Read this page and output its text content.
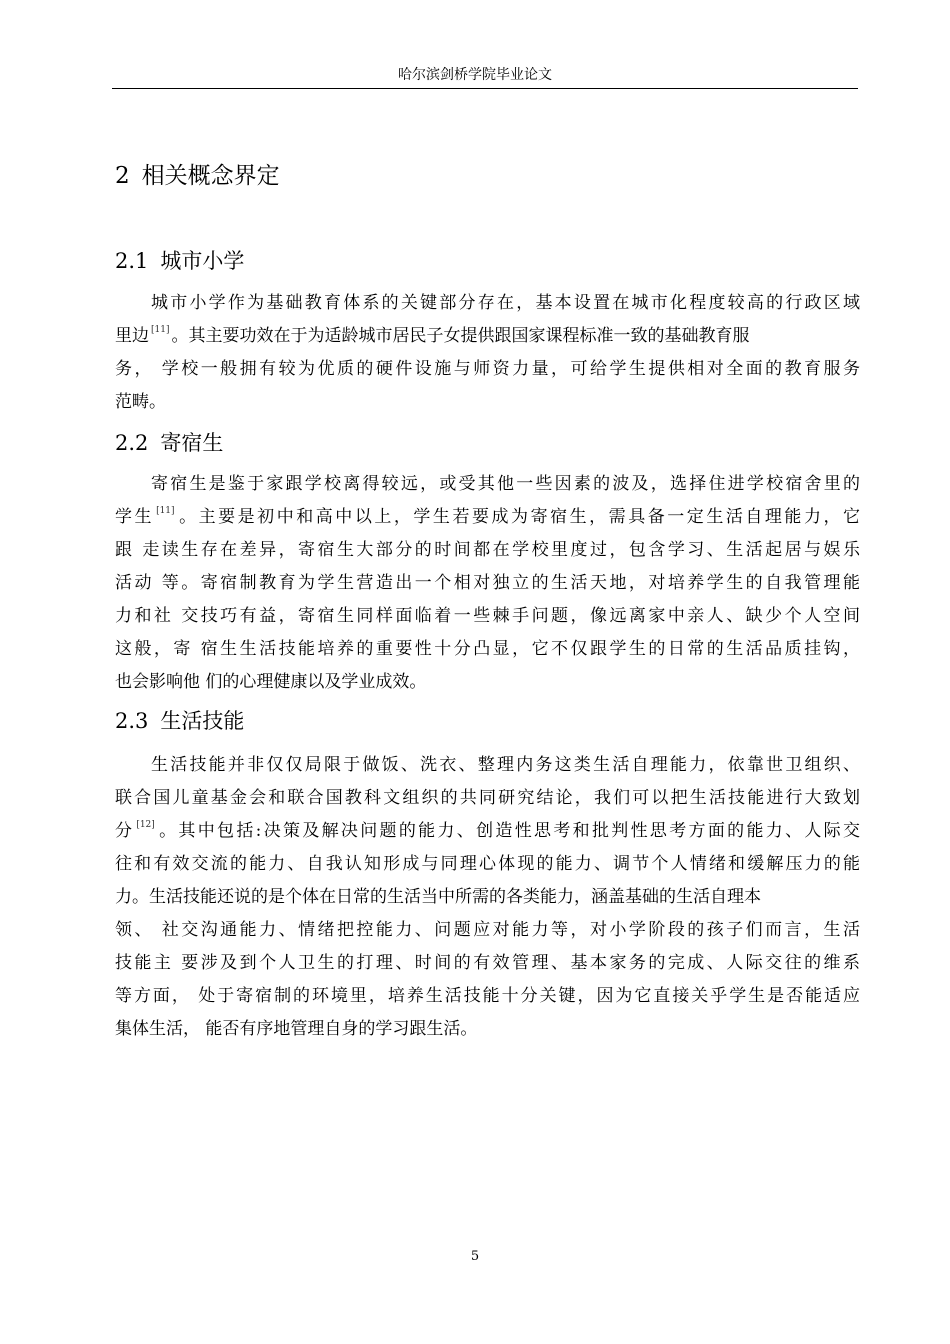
哈尔滨剑桥学院毕业论文
2 相关概念界定
2.1 城市小学
城市小学作为基础教育体系的关键部分存在，基本设置在城市化程度较高的行政区域
里边 [11] 。其主要功效在于为适龄城市居民子女提供跟国家课程标准一致的基础教育服
务， 学校一般拥有较为优质的硬件设施与师资力量，可给学生提供相对全面的教育服务
范畴。
2.2 寄宿生
寄宿生是鉴于家跟学校离得较远，或受其他一些因素的波及，选择住进学校宿舍里的
学生 [11] 。主要是初中和高中以上，学生若要成为寄宿生，需具备一定生活自理能力，它
跟 走读生存在差异，寄宿生大部分的时间都在学校里度过，包含学习、生活起居与娱乐
活动 等。寄宿制教育为学生营造出一个相对独立的生活天地，对培养学生的自我管理能
力和社 交技巧有益，寄宿生同样面临着一些棘手问题，像远离家中亲人、缺少个人空间
这般，寄 宿生生活技能培养的重要性十分凸显，它不仅跟学生的日常的生活品质挂钩，
也会影响他 们的心理健康以及学业成效。
2.3 生活技能
生活技能并非仅仅局限于做饭、洗衣、整理内务这类生活自理能力，依靠世卫组织、
联合国儿童基金会和联合国教科文组织的共同研究结论，我们可以把生活技能进行大致划
分 [12] 。其中包括:决策及解决问题的能力、创造性思考和批判性思考方面的能力、人际交
往和有效交流的能力、自我认知形成与同理心体现的能力、调节个人情绪和缓解压力的能
力。生活技能还说的是个体在日常的生活当中所需的各类能力，涵盖基础的生活自理本
领、 社交沟通能力、情绪把控能力、问题应对能力等，对小学阶段的孩子们而言，生活
技能主 要涉及到个人卫生的打理、时间的有效管理、基本家务的完成、人际交往的维系
等方面， 处于寄宿制的环境里，培养生活技能十分关键，因为它直接关乎学生是否能适应
集体生活， 能否有序地管理自身的学习跟生活。
5
